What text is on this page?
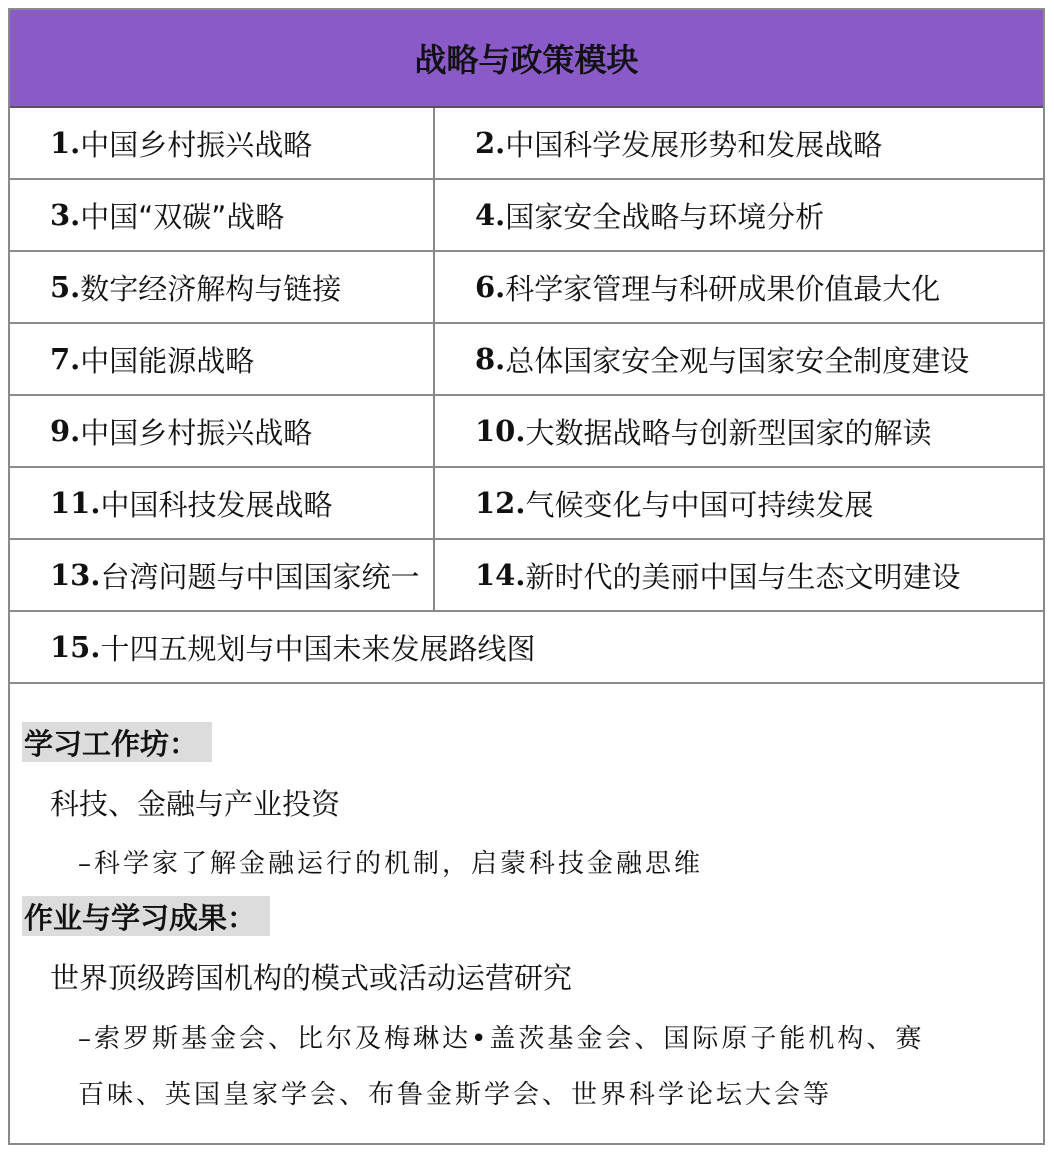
战略与政策模块
1. 中国乡村振兴战略	2. 中国科学发展形势和发展战略
3. 中国“双碳”战略	4. 国家安全战略与环境分析
5. 数字经济解构与链接	6. 科学家管理与科研成果价值最大化
7. 中国能源战略	8. 总体国家安全观与国家安全制度建设
9. 中国乡村振兴战略	10. 大数据战略与创新型国家的解读
11. 中国科技发展战略	12. 气候变化与中国可持续发展
13. 台湾问题与中国国家统一 14. 新时代的美丽中国与生态文明建设
15. 十四五规划与中国未来发展路线图
学习工作坊：
科技、金融与产业投资
–科学家了解金融运行的机制，启蒙科技金融思维
作业与学习成果：
世界顶级跨国机构的模式或活动运营研究
–索罗斯基金会、比尔及梅琳达•盖茨基金会、国际原子能机构、赛
百味、英国皇家学会、布鲁金斯学会、世界科学论坛大会等
